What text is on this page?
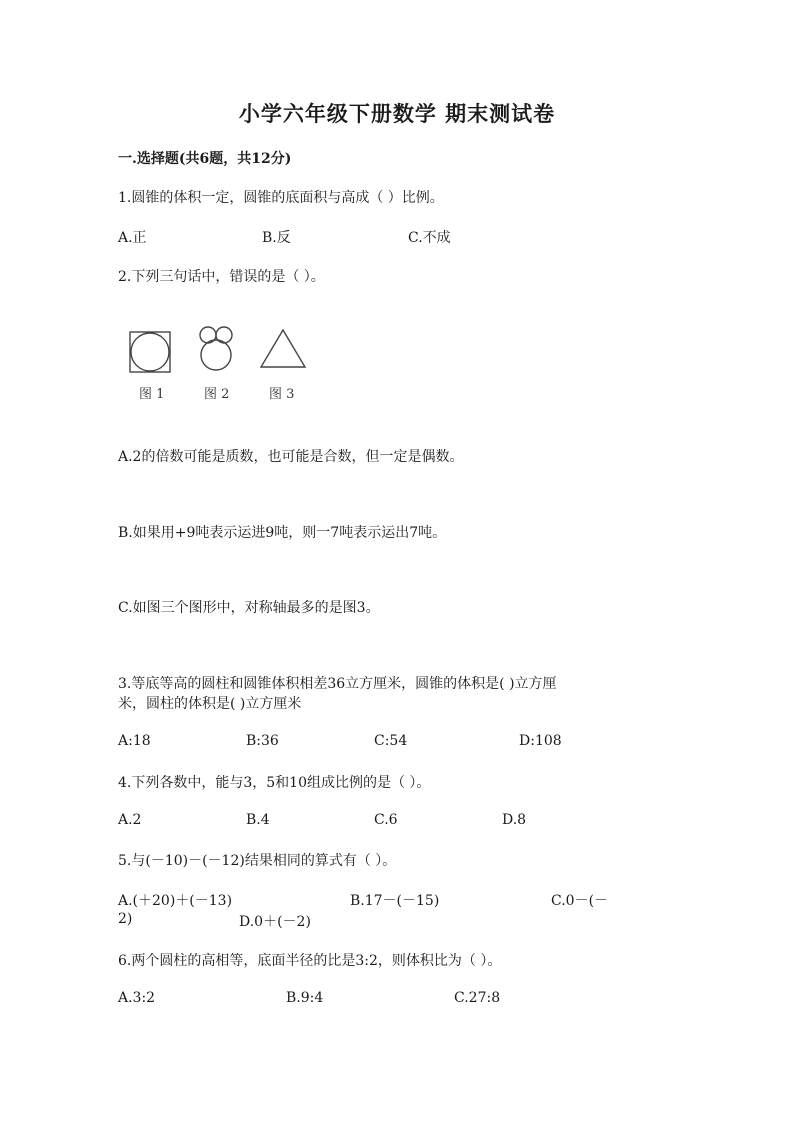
小学六年级下册数学 期末测试卷
一.选择题(共6题，共12分)
1.圆锥的体积一定，圆锥的底面积与高成（ ）比例。
A.正	B.反	C.不成
2.下列三句话中，错误的是（ ）。
图 1	图 2	图 3
A.2的倍数可能是质数，也可能是合数，但一定是偶数。
B.如果用+9吨表示运进9吨，则一7吨表示运出7吨。
C.如图三个图形中，对称轴最多的是图3。
3.等底等高的圆柱和圆锥体积相差36立方厘米，圆锥的体积是( )立方厘
米，圆柱的体积是( )立方厘米
A:18	B:36	C:54	D:108
4.下列各数中，能与3，5和10组成比例的是（ ）。
A.2	B.4	C.6	D.8
5.与(－10)－(－12)结果相同的算式有（ ）。
A.(＋20)＋(－13)	B.17－(－15)	C.0－(－
2)	D.0＋(－2)
6.两个圆柱的高相等，底面半径的比是3:2，则体积比为（ ）。
A.3:2	B.9:4	C.27:8
